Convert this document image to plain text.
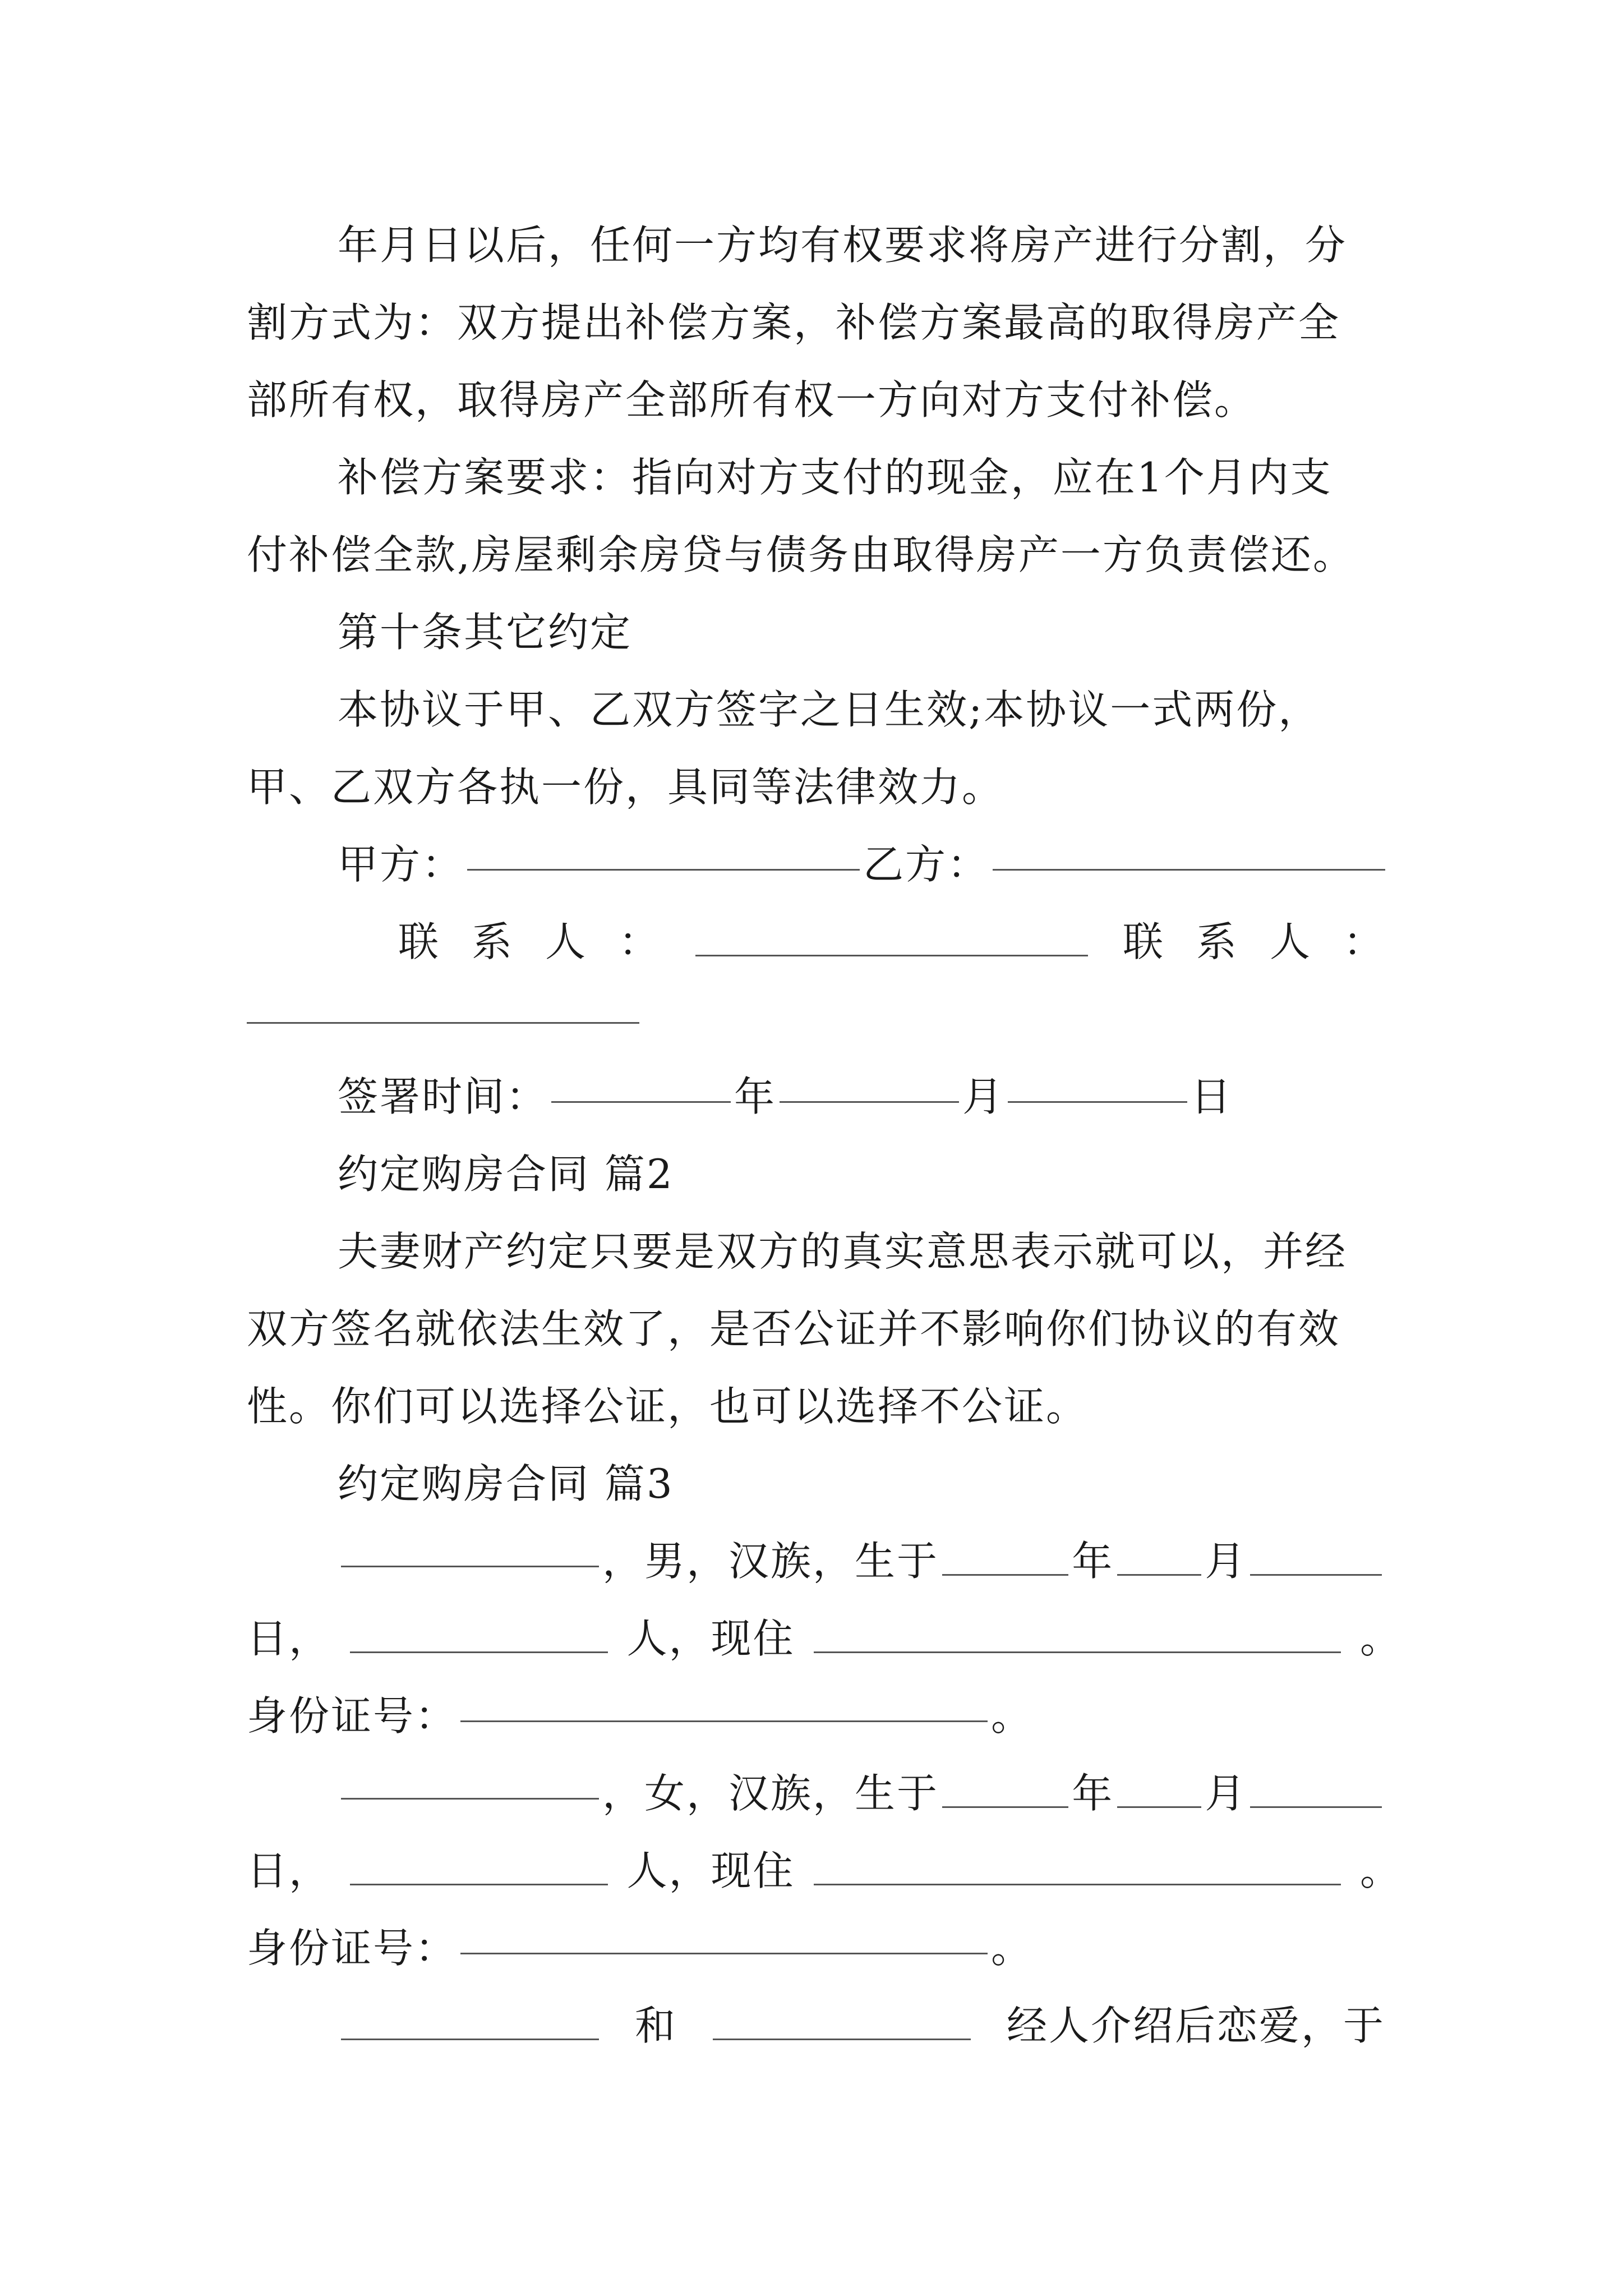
年月日以后，任何一方均有权要求将房产进行分割，分
割方式为：双方提出补偿方案，补偿方案最高的取得房产全
部所有权，取得房产全部所有权一方向对方支付补偿。
补偿方案要求：指向对方支付的现金，应在1个月内支
付补偿全款,房屋剩余房贷与债务由取得房产一方负责偿还。
第十条其它约定
本协议于甲、乙双方签字之日生效;本协议一式两份，
甲、乙双方各执一份，具同等法律效力。
甲方：	乙方：
联 系 人 ：	联 系 人 ：
签署时间：	年	月	日
约定购房合同 篇2
夫妻财产约定只要是双方的真实意思表示就可以，并经
双方签名就依法生效了，是否公证并不影响你们协议的有效
性。你们可以选择公证，也可以选择不公证。
约定购房合同 篇3
，男，汉族，生于	年 月
日，	人，现住	。
身份证号：	。
，女，汉族，生于	年 月
日，	人，现住	。
身份证号：	。
和	经人介绍后恋爱，于
